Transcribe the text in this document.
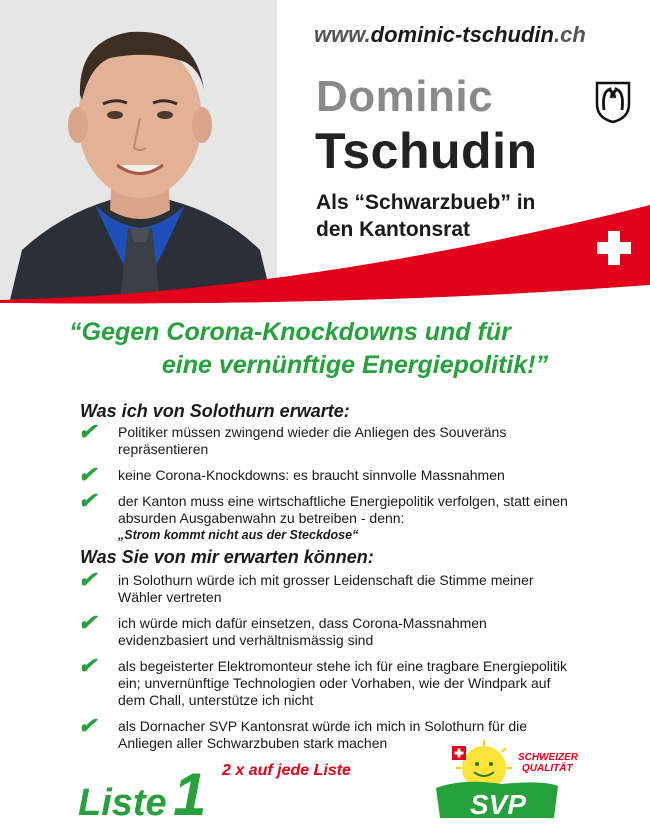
www.dominic-tschudin.ch
Dominic
Tschudin
Als “Schwarzbueb” in
den Kantonsrat
“Gegen Corona-Knockdowns und für
eine vernünftige Energiepolitik!”
Was ich von Solothurn erwarte:
✔ Politiker müssen zwingend wieder die Anliegen des Souveräns repräsentieren
✔ keine Corona-Knockdowns: es braucht sinnvolle Massnahmen
✔ der Kanton muss eine wirtschaftliche Energiepolitik verfolgen, statt einen absurden Ausgabenwahn zu betreiben - denn:
„Strom kommt nicht aus der Steckdose“
Was Sie von mir erwarten können:
✔ in Solothurn würde ich mit grosser Leidenschaft die Stimme meiner Wähler vertreten
✔ ich würde mich dafür einsetzen, dass Corona-Massnahmen evidenzbasiert und verhältnismässig sind
✔ als begeisterter Elektromonteur stehe ich für eine tragbare Energiepolitik ein; unvernünftige Technologien oder Vorhaben, wie der Windpark auf dem Chall, unterstütze ich nicht
✔ als Dornacher SVP Kantonsrat würde ich mich in Solothurn für die Anliegen aller Schwarzbuben stark machen
Liste 1 2 x auf jede Liste
SCHWEIZER
QUALITÄT
SVP
